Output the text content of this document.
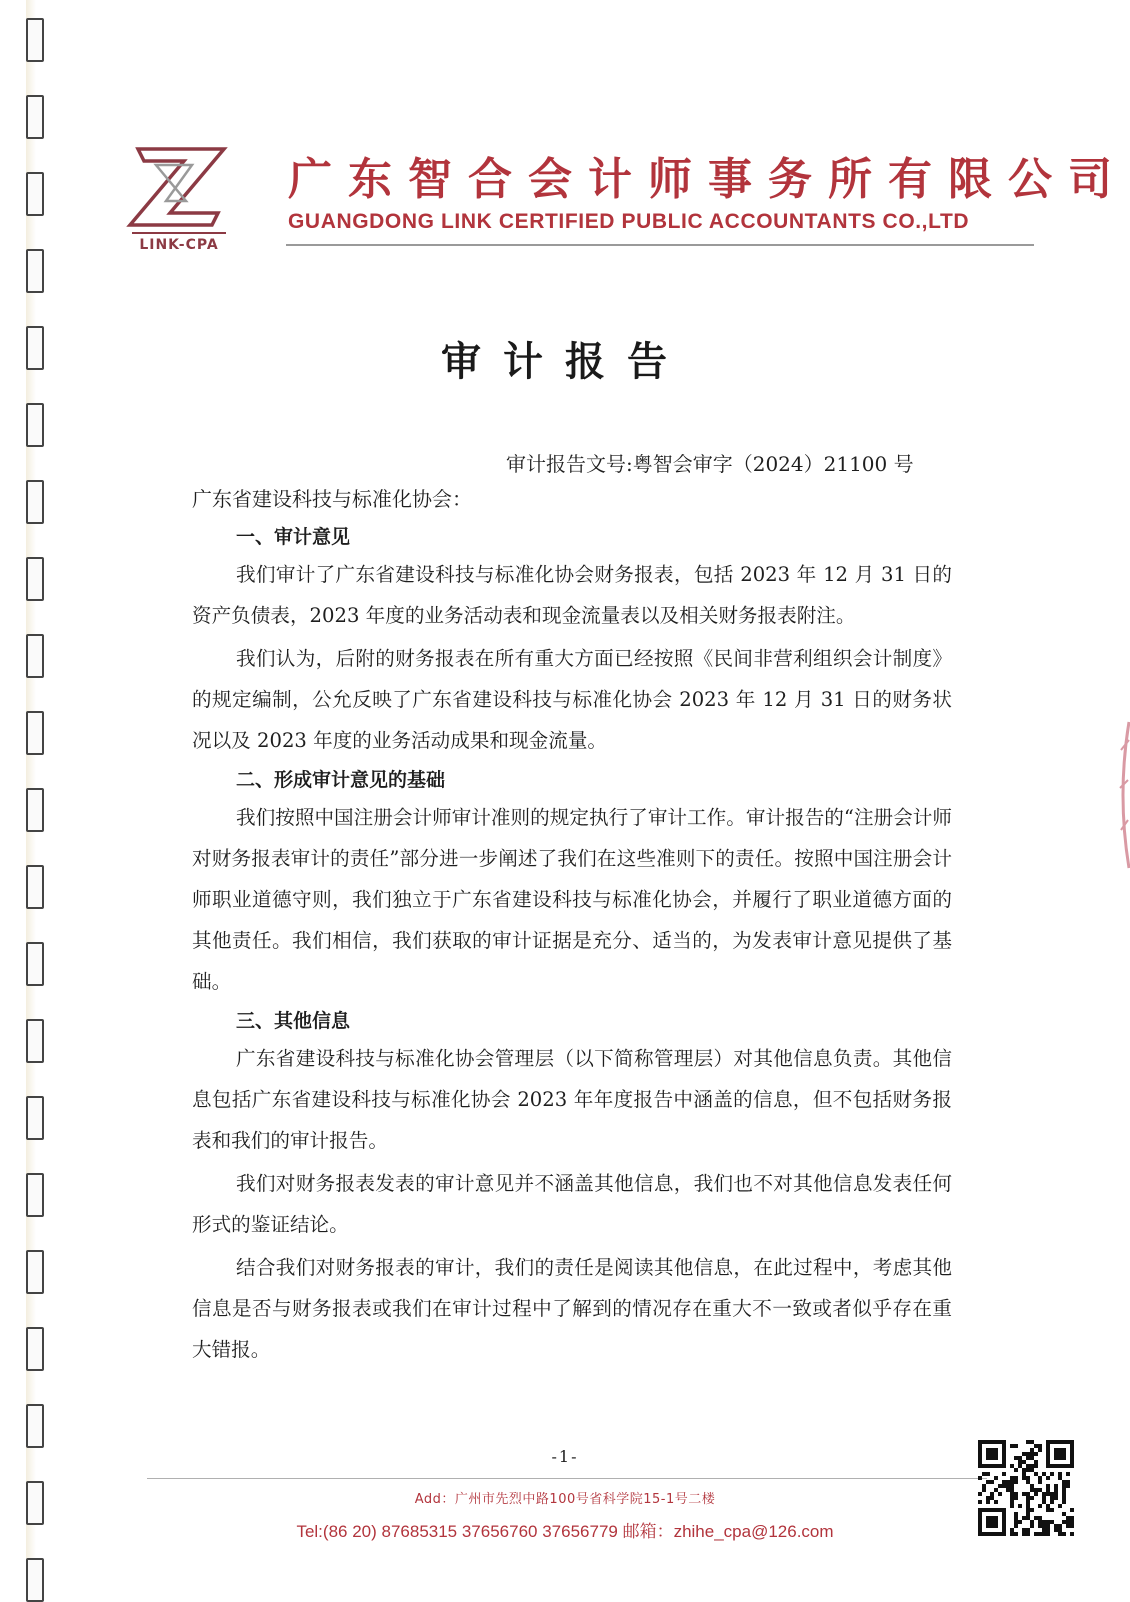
LINK-CPA
广东智合会计师事务所有限公司
GUANGDONG LINK CERTIFIED PUBLIC ACCOUNTANTS CO.,LTD
审计报告
审计报告文号:粤智会审字（2024）21100 号
广东省建设科技与标准化协会：
一、审计意见
我们审计了广东省建设科技与标准化协会财务报表，包括 2023 年 12 月 31 日的资产负债表，2023 年度的业务活动表和现金流量表以及相关财务报表附注。
我们认为，后附的财务报表在所有重大方面已经按照《民间非营利组织会计制度》的规定编制，公允反映了广东省建设科技与标准化协会 2023 年 12 月 31 日的财务状况以及 2023 年度的业务活动成果和现金流量。
二、形成审计意见的基础
我们按照中国注册会计师审计准则的规定执行了审计工作。审计报告的“注册会计师对财务报表审计的责任”部分进一步阐述了我们在这些准则下的责任。按照中国注册会计师职业道德守则，我们独立于广东省建设科技与标准化协会，并履行了职业道德方面的其他责任。我们相信，我们获取的审计证据是充分、适当的，为发表审计意见提供了基础。
三、其他信息
广东省建设科技与标准化协会管理层（以下简称管理层）对其他信息负责。其他信息包括广东省建设科技与标准化协会 2023 年年度报告中涵盖的信息，但不包括财务报表和我们的审计报告。
我们对财务报表发表的审计意见并不涵盖其他信息，我们也不对其他信息发表任何形式的鉴证结论。
结合我们对财务报表的审计，我们的责任是阅读其他信息，在此过程中，考虑其他信息是否与财务报表或我们在审计过程中了解到的情况存在重大不一致或者似乎存在重大错报。
-1-
Add：广州市先烈中路100号省科学院15-1号二楼
Tel:(86 20) 87685315 37656760 37656779 邮箱：zhihe_cpa@126.com
